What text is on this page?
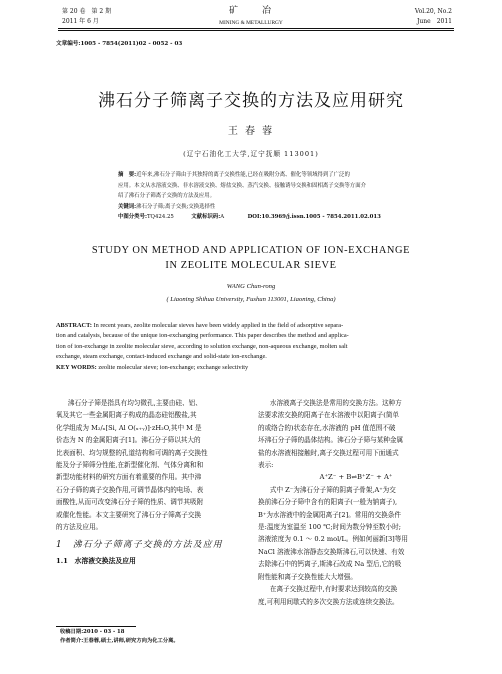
第 20 卷　第 2 期
2011 年 6 月
矿　　冶
MINING & METALLURGY
Vol.20, No.2
June　2011
文章编号:1005 - 7854(2011)02 - 0052 - 03
沸石分子筛离子交换的方法及应用研究
王 春 蓉
(辽宁石油化工大学,辽宁抚顺 113001)
摘　要:近年来,沸石分子筛由于其独特的离子交换性能,已经在吸附分离、催化等领域得到了广泛的
应用。本文从水溶液交换、非水溶液交换、熔盐交换、蒸汽交换、接触诱导交换和固相离子交换等方面介
绍了沸石分子筛离子交换的方法及应用。
关键词:沸石分子筛;离子交换;交换选择性
中图分类号:TQ424.25	文献标识码:A	DOI:10.3969/j.issn.1005 - 7854.2011.02.013
STUDY ON METHOD AND APPLICATION OF ION-EXCHANGE
IN ZEOLITE MOLECULAR SIEVE
WANG Chun-rong
( Liaoning Shihua University, Fushun 113001, Liaoning, China)
ABSTRACT: In recent years, zeolite molecular sieves have been widely applied in the field of adsorptive separa-
tion and catalysis, because of the unique ion-exchanging performance. This paper describes the method and applica-
tion of ion-exchange in zeolite molecular sieve, according to solution exchange, non-aqueous exchange, molten salt
exchange, steam exchange, contact-induced exchange and solid-state ion-exchange.
KEY WORDS: zeolite molecular sieve; ion-exchange; exchange selectivity

沸石分子筛是指具有均匀微孔,主要由硅、铝、

氧及其它一些金属阳离子构成的晶态硅铝酸盐,其
化学组成为 M₂/ₙ[Si, Al O(ₓ₊ᵧ)]·zH₂O,其中 M 是
价态为 N 的金属阳离子[1]。沸石分子筛以其大的
比表面积、均匀规整的孔道结构和可调的离子交换性
能及分子筛筛分性能,在新型催化剂、气体分离和和
新型功能材料的研究方面有着重要的作用。其中沸
石分子筛的离子交换作用,可调节晶体内的电场、表
面酸性,从而可改变沸石分子筛的性质、调节其吸附
或催化性能。本文主要研究了沸石分子筛离子交换
的方法及应用。
1　沸石分子筛离子交换的方法及应用
1.1　水溶液交换法及应用
收稿日期:2010 - 03 - 18
作者简介:王春蓉,硕士,讲师,研究方向为化工分离。

水溶液离子交换法是常用的交换方法。这种方

法要求浓交换的阳离子在水溶液中以阳离子(简单
的或络合的)状态存在,水溶液的 pH 值范围不破
坏沸石分子筛的晶体结构。沸石分子筛与某种金属
盐的水溶液相接触时,离子交换过程可用下面通式
表示:
A⁺Z⁻ + B⇌B⁺Z⁻ + A⁺

式中 Z⁻为沸石分子筛的阴离子骨架,A⁺为交

换前沸石分子筛中含有的阳离子(一般为钠离子),
B⁺为水溶液中的金属阳离子[2]。常用的交换条件
是:温度为室温至 100 ℃;时间为数分钟至数小时;
溶液浓度为 0.1 ～ 0.2 mol/L。例如何丽新[3]等用
NaCl 溶液沸水溶静态交换斯沸石,可以快速、有效
去除沸石中的钙离子,斯沸石改成 Na 型后,它的吸
附性能和离子交换性能大大增强。

在离子交换过程中,有时要求达到较高的交换

度,可利用间歇式的多次交换方法或连续交换法。
